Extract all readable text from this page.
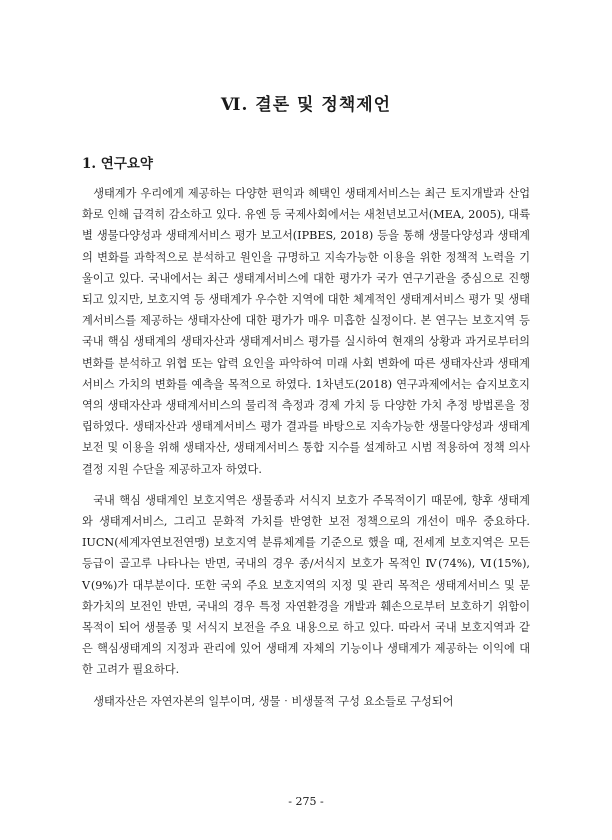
Ⅵ. 결론 및 정책제언
1. 연구요약

생태계가 우리에게 제공하는 다양한 편익과 혜택인 생태계서비스는 최근 토지개발과 산업화로 인해 급격히 감소하고 있다. 유엔 등 국제사회에서는 새천년보고서(MEA, 2005), 대륙별 생물다양성과 생태계서비스 평가 보고서(IPBES, 2018) 등을 통해 생물다양성과 생태계의 변화를 과학적으로 분석하고 원인을 규명하고 지속가능한 이용을 위한 정책적 노력을 기울이고 있다. 국내에서는 최근 생태계서비스에 대한 평가가 국가 연구기관을 중심으로 진행되고 있지만, 보호지역 등 생태계가 우수한 지역에 대한 체계적인 생태계서비스 평가 및 생태계서비스를 제공하는 생태자산에 대한 평가가 매우 미흡한 실정이다. 본 연구는 보호지역 등 국내 핵심 생태계의 생태자산과 생태계서비스 평가를 실시하여 현재의 상황과 과거로부터의 변화를 분석하고 위협 또는 압력 요인을 파악하여 미래 사회 변화에 따른 생태자산과 생태계서비스 가치의 변화를 예측을 목적으로 하였다. 1차년도(2018) 연구과제에서는 습지보호지역의 생태자산과 생태계서비스의 물리적 측정과 경제 가치 등 다양한 가치 추정 방법론을 정립하였다. 생태자산과 생태계서비스 평가 결과를 바탕으로 지속가능한 생물다양성과 생태계 보전 및 이용을 위해 생태자산, 생태계서비스 통합 지수를 설계하고 시범 적용하여 정책 의사결정 지원 수단을 제공하고자 하였다.

국내 핵심 생태계인 보호지역은 생물종과 서식지 보호가 주목적이기 때문에, 향후 생태계와 생태계서비스, 그리고 문화적 가치를 반영한 보전 정책으로의 개선이 매우 중요하다. IUCN(세계자연보전연맹) 보호지역 분류체계를 기준으로 했을 때, 전세계 보호지역은 모든 등급이 골고루 나타나는 반면, 국내의 경우 종/서식지 보호가 목적인 Ⅳ(74%), Ⅵ(15%), Ⅴ(9%)가 대부분이다. 또한 국외 주요 보호지역의 지정 및 관리 목적은 생태계서비스 및 문화가치의 보전인 반면, 국내의 경우 특정 자연환경을 개발과 훼손으로부터 보호하기 위함이 목적이 되어 생물종 및 서식지 보전을 주요 내용으로 하고 있다. 따라서 국내 보호지역과 같은 핵심생태계의 지정과 관리에 있어 생태계 자체의 기능이나 생태계가 제공하는 이익에 대한 고려가 필요하다.

생태자산은 자연자본의 일부이며, 생물‧비생물적 구성 요소들로 구성되어

- 275 -
